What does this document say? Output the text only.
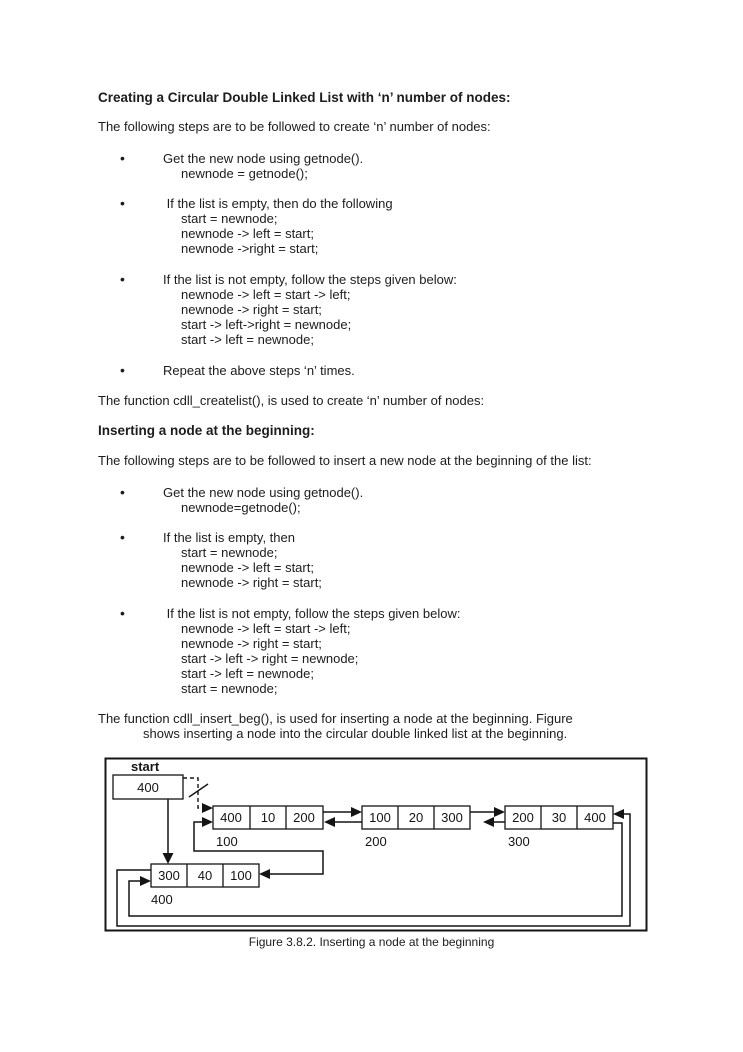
Creating a Circular Double Linked List with ‘n’ number of nodes:
The following steps are to be followed to create ‘n’ number of nodes:
• Get the new node using getnode().
newnode = getnode();
•  If the list is empty, then do the following
start = newnode;
newnode -> left = start;
newnode ->right = start;
• If the list is not empty, follow the steps given below:
newnode -> left = start -> left;
newnode -> right = start;
start -> left->right = newnode;
start -> left = newnode;
• Repeat the above steps ‘n’ times.
The function cdll_createlist(), is used to create ‘n’ number of nodes:
Inserting a node at the beginning:
The following steps are to be followed to insert a new node at the beginning of the list:
• Get the new node using getnode().
newnode=getnode();
• If the list is empty, then
start = newnode;
newnode -> left = start;
newnode -> right = start;
•  If the list is not empty, follow the steps given below:
newnode -> left = start -> left;
newnode -> right = start;
start -> left -> right = newnode;
start -> left = newnode;
start = newnode;
The function cdll_insert_beg(), is used for inserting a node at the beginning. Figure
shows inserting a node into the circular double linked list at the beginning.
start
400
400 10 200
100
100 20 300
200
200 30 400
300
300 40 100
400
Figure 3.8.2. Inserting a node at the beginning
